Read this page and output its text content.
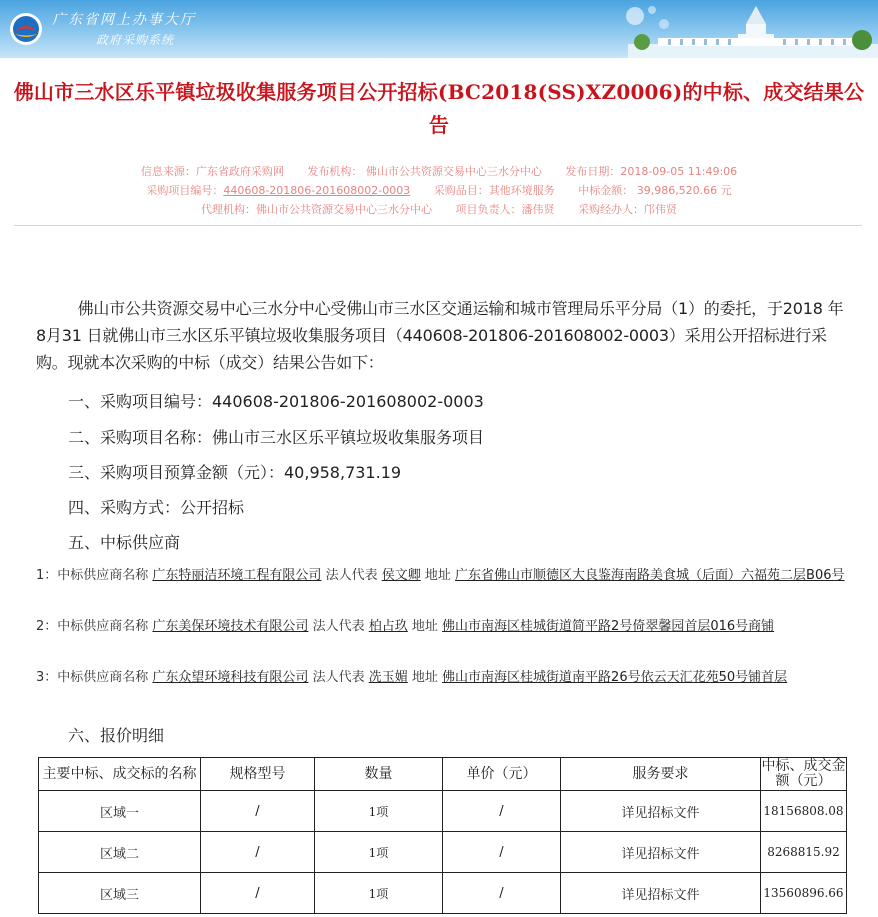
广东省网上办事大厅
政府采购系统
佛山市三水区乐平镇垃圾收集服务项目公开招标(BC2018(SS)XZ0006)的中标、成交结果公告
信息来源：广东省政府采购网 发布机构： 佛山市公共资源交易中心三水分中心 发布日期：2018-09-05 11:49:06
采购项目编号：440608-201806-201608002-0003 采购品目：其他环境服务 中标金额： 39,986,520.66 元
代理机构：佛山市公共资源交易中心三水分中心 项目负责人：潘伟贤 采购经办人：邝伟贤
佛山市公共资源交易中心三水分中心受佛山市三水区交通运输和城市管理局乐平分局（1）的委托，于2018 年8月31 日就佛山市三水区乐平镇垃圾收集服务项目（440608-201806-201608002-0003）采用公开招标进行采购。现就本次采购的中标（成交）结果公告如下：
一、采购项目编号：440608-201806-201608002-0003
二、采购项目名称：佛山市三水区乐平镇垃圾收集服务项目
三、采购项目预算金额（元）：40,958,731.19
四、采购方式：公开招标
五、中标供应商
1：中标供应商名称 广东特丽洁环境工程有限公司 法人代表 侯文卿 地址 广东省佛山市顺德区大良鉴海南路美食城（后面）六福苑二层B06号
2：中标供应商名称 广东美保环境技术有限公司 法人代表 柏占玖 地址 佛山市南海区桂城街道简平路2号倚翠馨园首层016号商铺
3：中标供应商名称 广东众望环境科技有限公司 法人代表 冼玉媚 地址 佛山市南海区桂城街道南平路26号依云天汇花苑50号铺首层
六、报价明细
主要中标、成交标的名称	规格型号	数量	单价（元）	服务要求	中标、成交金额（元）
区域一	/	1项	/	详见招标文件	18156808.08
区域二	/	1项	/	详见招标文件	8268815.92
区域三	/	1项	/	详见招标文件	13560896.66
